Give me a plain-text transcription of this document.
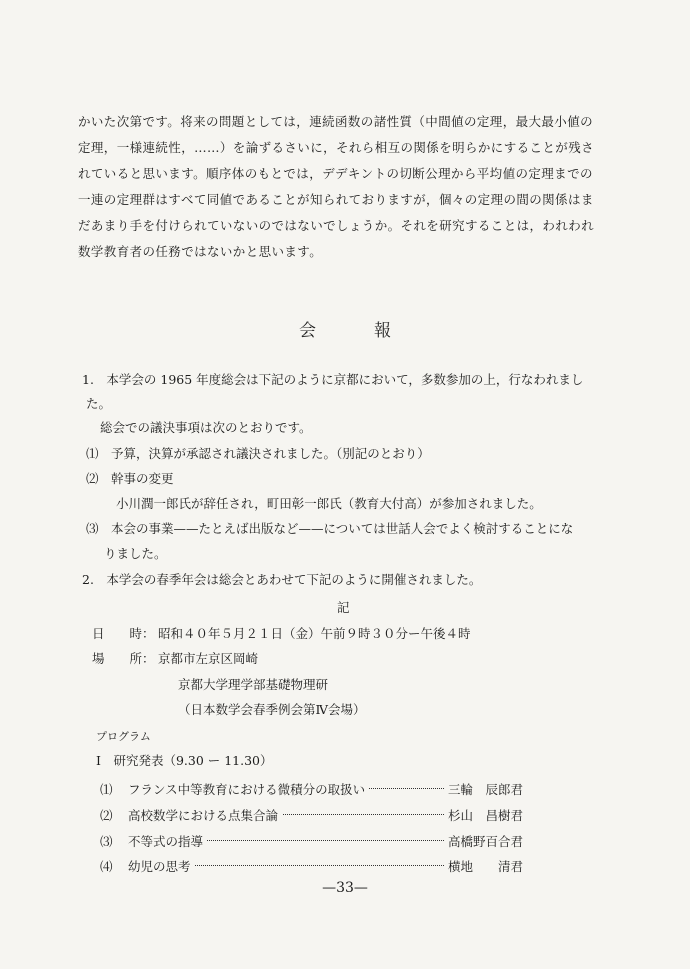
かいた次第です。将来の問題としては，連続函数の諸性質（中間値の定理，最大最小値の
定理，一様連続性，……）を論ずるさいに，それら相互の関係を明らかにすることが残さ
れていると思います。順序体のもとでは，デデキントの切断公理から平均値の定理までの
一連の定理群はすべて同値であることが知られておりますが，個々の定理の間の関係はま
だあまり手を付けられていないのではないでしょうか。それを研究することは，われわれ
数学教育者の任務ではないかと思います。
会報
1.　本学会の 1965 年度総会は下記のように京都において，多数参加の上，行なわれまし
た。
総会での議決事項は次のとおりです。
⑴　予算，決算が承認され議決されました。（別記のとおり）
⑵　幹事の変更
小川潤一郎氏が辞任され，町田彰一郎氏（教育大付高）が参加されました。
⑶　本会の事業——たとえば出版など——については世話人会でよく検討することにな
りました。
2.　本学会の春季年会は総会とあわせて下記のように開催されました。
記
日　　時： 昭和４０年５月２１日（金）午前９時３０分ー午後４時
場　　所： 京都市左京区岡崎
京都大学理学部基礎物理研
（日本数学会春季例会第Ⅳ会場）
プログラム
Ⅰ　研究発表（9.30 ー 11.30）
⑴ フランス中等教育における微積分の取扱い	三輪　辰郎君
⑵ 高校数学における点集合論	杉山　昌樹君
⑶ 不等式の指導	高橋野百合君
⑷ 幼児の思考	横地　　清君
—33—
